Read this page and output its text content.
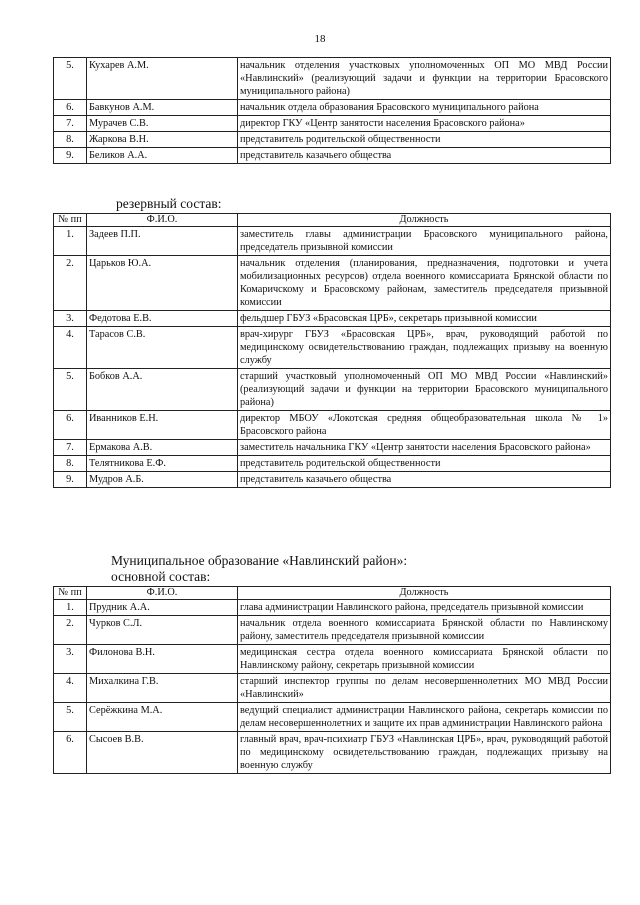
18
5.	Кухарев А.М.	начальник отделения участковых уполномоченных ОП МО МВД России «Навлинский» (реализующий задачи и функции на территории Брасовского муниципального района)
6.	Бавкунов А.М.	начальник отдела образования Брасовского муниципального района
7.	Мурачев С.В.	директор ГКУ «Центр занятости населения Брасовского района»
8.	Жаркова В.Н.	представитель родительской общественности
9.	Беликов А.А.	представитель казачьего общества
резервный состав:
№ пп	Ф.И.О.	Должность
1.	Задеев П.П.	заместитель главы администрации Брасовского муниципального района, председатель призывной комиссии
2.	Царьков Ю.А.	начальник отделения (планирования, предназначения, подготовки и учета мобилизационных ресурсов) отдела военного комиссариата Брянской области по Комаричскому и Брасовскому районам, заместитель председателя призывной комиссии
3.	Федотова Е.В.	фельдшер ГБУЗ «Брасовская ЦРБ», секретарь призывной комиссии
4.	Тарасов С.В.	врач-хирург ГБУЗ «Брасовская ЦРБ», врач, руководящий работой по медицинскому освидетельствованию граждан, подлежащих призыву на военную службу
5.	Бобков А.А.	старший участковый уполномоченный ОП МО МВД России «Навлинский» (реализующий задачи и функции на территории Брасовского муниципального района)
6.	Иванников Е.Н.	директор МБОУ «Локотская средняя общеобразовательная школа № 1» Брасовского района
7.	Ермакова А.В.	заместитель начальника ГКУ «Центр занятости населения Брасовского района»
8.	Телятникова Е.Ф.	представитель родительской общественности
9.	Мудров А.Б.	представитель казачьего общества
Муниципальное образование «Навлинский район»:
основной состав:
№ пп	Ф.И.О.	Должность
1.	Прудник А.А.	глава администрации Навлинского района, председатель призывной комиссии
2.	Чурков С.Л.	начальник отдела военного комиссариата Брянской области по Навлинскому району, заместитель председателя призывной комиссии
3.	Филонова В.Н.	медицинская сестра отдела военного комиссариата Брянской области по Навлинскому району, секретарь призывной комиссии
4.	Михалкина Г.В.	старший инспектор группы по делам несовершеннолетних МО МВД России «Навлинский»
5.	Серёжкина М.А.	ведущий специалист администрации Навлинского района, секретарь комиссии по делам несовершеннолетних и защите их прав администрации Навлинского района
6.	Сысоев В.В.	главный врач, врач-психиатр ГБУЗ «Навлинская ЦРБ», врач, руководящий работой по медицинскому освидетельствованию граждан, подлежащих призыву на военную службу
